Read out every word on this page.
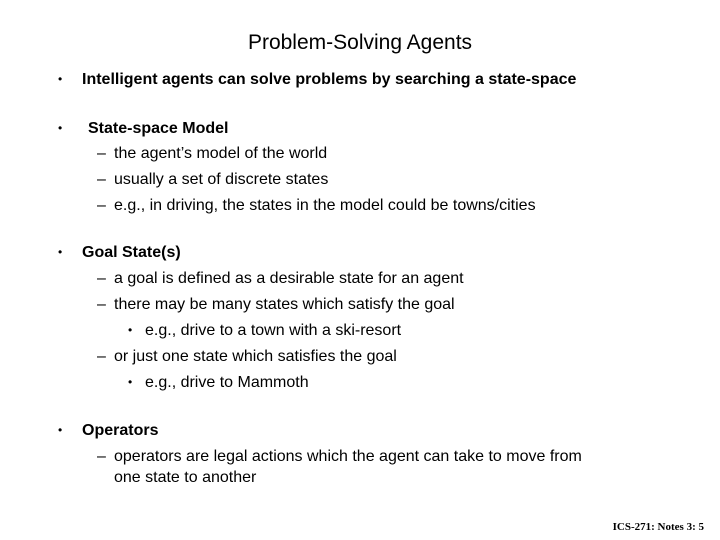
Problem-Solving Agents
•	Intelligent agents can solve problems by searching a state-space
•	State-space Model
– the agent’s model of the world
– usually a set of discrete states
– e.g., in driving, the states in the model could be towns/cities
•	Goal State(s)
– a goal is defined as a desirable state for an agent
– there may be many states which satisfy the goal
• e.g., drive to a town with a ski-resort
– or just one state which satisfies the goal
• e.g., drive to Mammoth
•	Operators
– operators are legal actions which the agent can take to move from
one state to another
ICS-271: Notes 3: 5
